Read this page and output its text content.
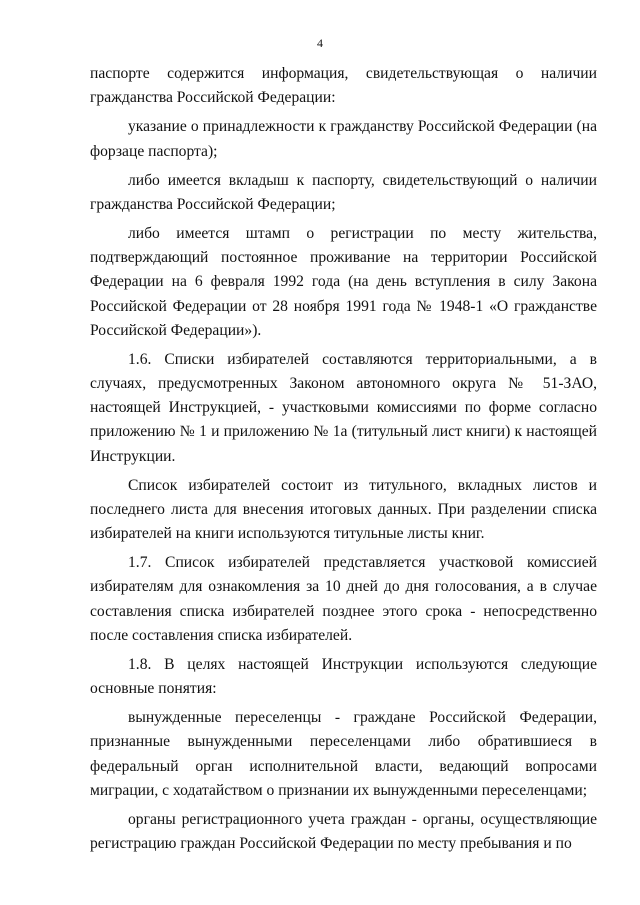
4

паспорте содержится информация, свидетельствующая о наличии гражданства Российской Федерации:

указание о принадлежности к гражданству Российской Федерации (на форзаце паспорта);

либо имеется вкладыш к паспорту, свидетельствующий о наличии гражданства Российской Федерации;

либо имеется штамп о регистрации по месту жительства, подтверждающий постоянное проживание на территории Российской Федерации на 6 февраля 1992 года (на день вступления в силу Закона Российской Федерации от 28 ноября 1991 года № 1948-1 «О гражданстве Российской Федерации»).

1.6. Списки избирателей составляются территориальными, а в случаях, предусмотренных Законом автономного округа № 51-ЗАО, настоящей Инструкцией, - участковыми комиссиями по форме согласно приложению № 1 и приложению № 1а (титульный лист книги) к настоящей Инструкции.

Список избирателей состоит из титульного, вкладных листов и последнего листа для внесения итоговых данных. При разделении списка избирателей на книги используются титульные листы книг.

1.7. Список избирателей представляется участковой комиссией избирателям для ознакомления за 10 дней до дня голосования, а в случае составления списка избирателей позднее этого срока - непосредственно после составления списка избирателей.

1.8. В целях настоящей Инструкции используются следующие основные понятия:

вынужденные переселенцы - граждане Российской Федерации, признанные вынужденными переселенцами либо обратившиеся в федеральный орган исполнительной власти, ведающий вопросами миграции, с ходатайством о признании их вынужденными переселенцами;

органы регистрационного учета граждан - органы, осуществляющие регистрацию граждан Российской Федерации по месту пребывания и по
